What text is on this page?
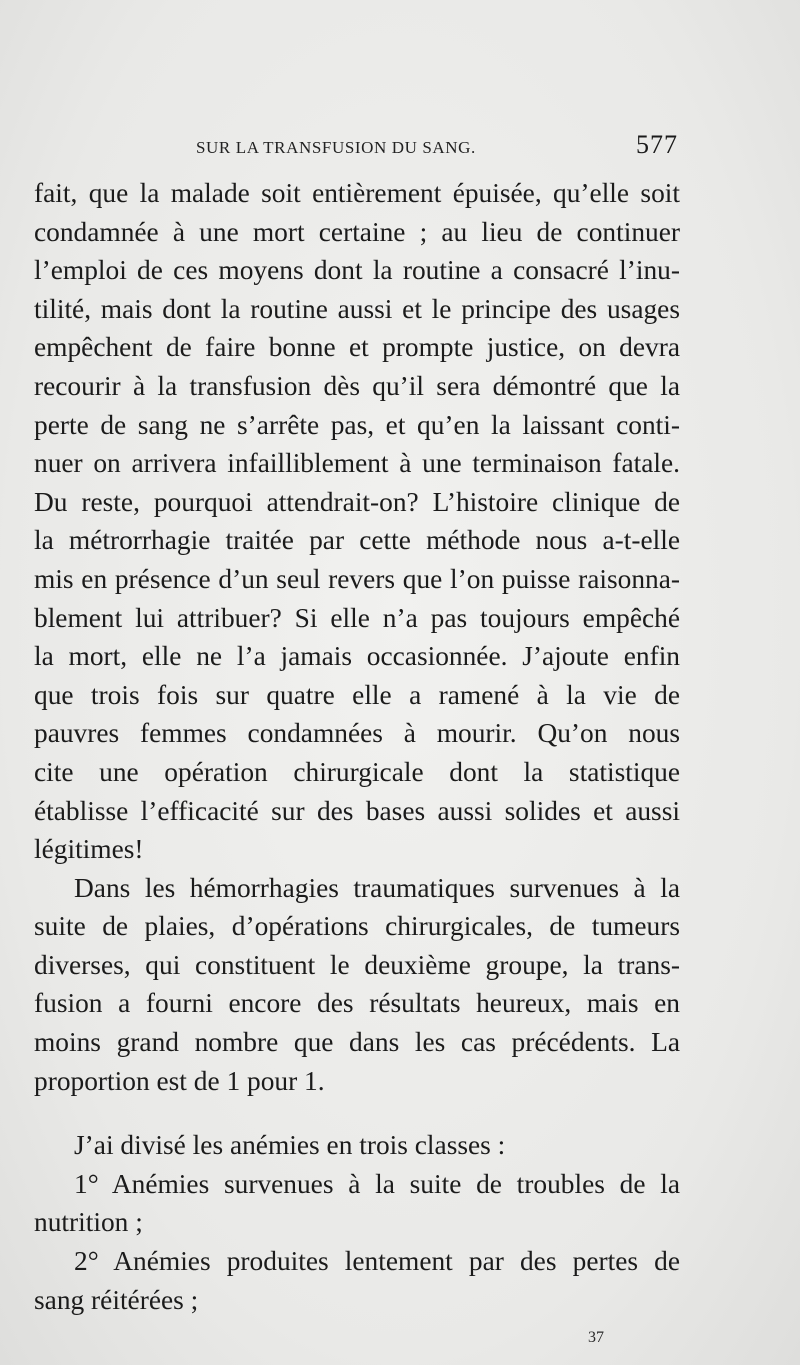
SUR LA TRANSFUSION DU SANG.	577
fait, que la malade soit entièrement épuisée, qu’elle soit
condamnée à une mort certaine ; au lieu de continuer
l’emploi de ces moyens dont la routine a consacré l’inu-
tilité, mais dont la routine aussi et le principe des usages
empêchent de faire bonne et prompte justice, on devra
recourir à la transfusion dès qu’il sera démontré que la
perte de sang ne s’arrête pas, et qu’en la laissant conti-
nuer on arrivera infailliblement à une terminaison fatale.
Du reste, pourquoi attendrait-on? L’histoire clinique de
la métrorrhagie traitée par cette méthode nous a-t-elle
mis en présence d’un seul revers que l’on puisse raisonna-
blement lui attribuer? Si elle n’a pas toujours empêché
la mort, elle ne l’a jamais occasionnée. J’ajoute enfin
que trois fois sur quatre elle a ramené à la vie de
pauvres femmes condamnées à mourir. Qu’on nous
cite une opération chirurgicale dont la statistique
établisse l’efficacité sur des bases aussi solides et aussi
légitimes!
Dans les hémorrhagies traumatiques survenues à la
suite de plaies, d’opérations chirurgicales, de tumeurs
diverses, qui constituent le deuxième groupe, la trans-
fusion a fourni encore des résultats heureux, mais en
moins grand nombre que dans les cas précédents. La
proportion est de 1 pour 1.
J’ai divisé les anémies en trois classes :
1° Anémies survenues à la suite de troubles de la
nutrition ;
2° Anémies produites lentement par des pertes de
sang réitérées ;
37
